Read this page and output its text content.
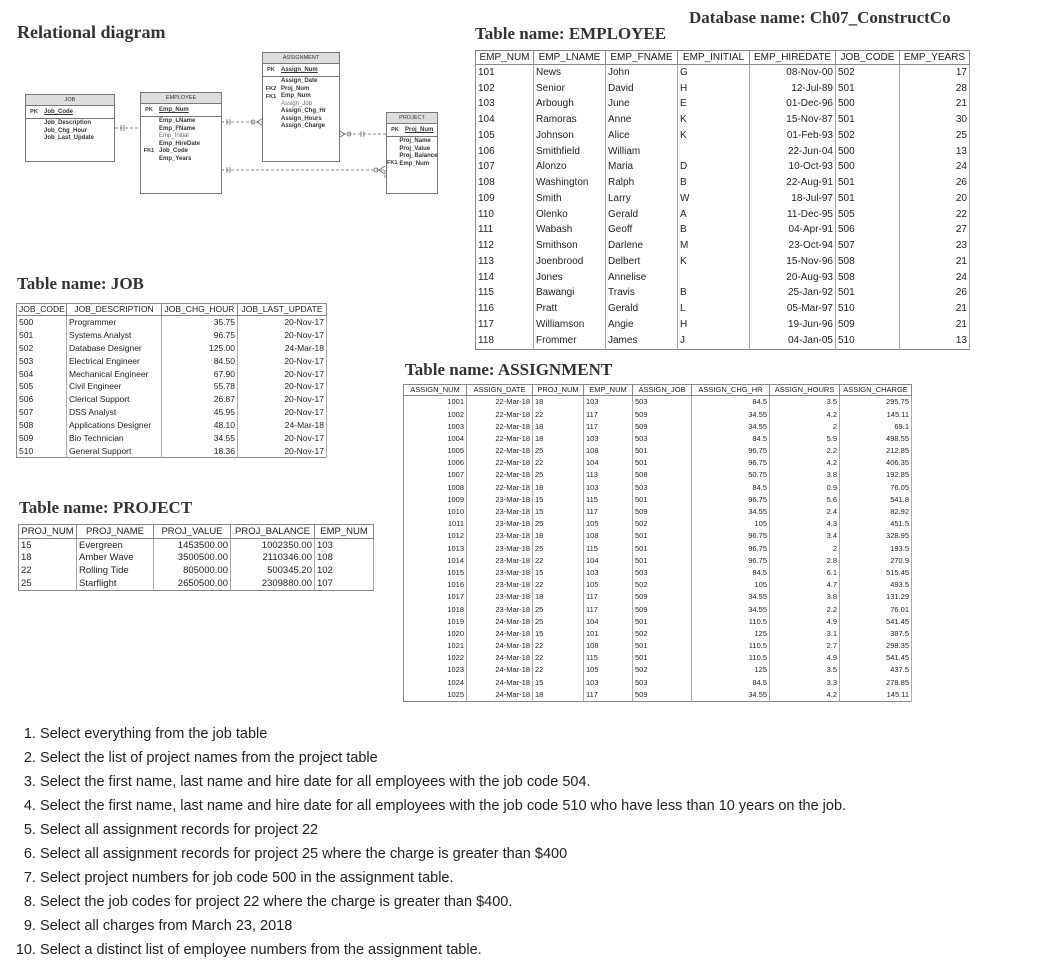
Relational diagram
Database name: Ch07_ConstructCo
Table name: EMPLOYEE
Table name: JOB
Table name: ASSIGNMENT
Table name: PROJECT
JOB
PK	Job_Code
Job_Description
Job_Chg_Hour
Job_Last_Update
EMPLOYEE
PK	Emp_Num
FK1
Emp_LName
Emp_FName
Emp_Initial
Emp_HireDate
Job_Code
Emp_Years
ASSIGNMENT
PK	Assign_Num
FK2
FK1
Assign_Date
Proj_Num
Emp_Num
Assign_Job
Assign_Chg_Hr
Assign_Hours
Assign_Charge
PROJECT
PK	Proj_Num
FK1
Proj_Name
Proj_Value
Proj_Balance
Emp_Num
EMP_NUM	EMP_LNAME	EMP_FNAME	EMP_INITIAL	EMP_HIREDATE	JOB_CODE	EMP_YEARS
101	News	John	G	08-Nov-00	502	17
102	Senior	David	H	12-Jul-89	501	28
103	Arbough	June	E	01-Dec-96	500	21
104	Ramoras	Anne	K	15-Nov-87	501	30
105	Johnson	Alice	K	01-Feb-93	502	25
106	Smithfield	William		22-Jun-04	500	13
107	Alonzo	Maria	D	10-Oct-93	500	24
108	Washington	Ralph	B	22-Aug-91	501	26
109	Smith	Larry	W	18-Jul-97	501	20
110	Olenko	Gerald	A	11-Dec-95	505	22
111	Wabash	Geoff	B	04-Apr-91	506	27
112	Smithson	Darlene	M	23-Oct-94	507	23
113	Joenbrood	Delbert	K	15-Nov-96	508	21
114	Jones	Annelise		20-Aug-93	508	24
115	Bawangi	Travis	B	25-Jan-92	501	26
116	Pratt	Gerald	L	05-Mar-97	510	21
117	Williamson	Angie	H	19-Jun-96	509	21
118	Frommer	James	J	04-Jan-05	510	13
JOB_CODE	JOB_DESCRIPTION	JOB_CHG_HOUR	JOB_LAST_UPDATE
500	Programmer	35.75	20-Nov-17
501	Systems Analyst	96.75	20-Nov-17
502	Database Designer	125.00	24-Mar-18
503	Electrical Engineer	84.50	20-Nov-17
504	Mechanical Engineer	67.90	20-Nov-17
505	Civil Engineer	55.78	20-Nov-17
506	Clerical Support	26.87	20-Nov-17
507	DSS Analyst	45.95	20-Nov-17
508	Applications Designer	48.10	24-Mar-18
509	Bio Technician	34.55	20-Nov-17
510	General Support	18.36	20-Nov-17
PROJ_NUM	PROJ_NAME	PROJ_VALUE	PROJ_BALANCE	EMP_NUM
15	Evergreen	1453500.00	1002350.00	103
18	Amber Wave	3500500.00	2110346.00	108
22	Rolling Tide	805000.00	500345.20	102
25	Starflight	2650500.00	2309880.00	107
ASSIGN_NUM	ASSIGN_DATE	PROJ_NUM	EMP_NUM	ASSIGN_JOB	ASSIGN_CHG_HR	ASSIGN_HOURS	ASSIGN_CHARGE
1001	22-Mar-18	18	103	503	84.5	3.5	295.75
1002	22-Mar-18	22	117	509	34.55	4.2	145.11
1003	22-Mar-18	18	117	509	34.55	2	69.1
1004	22-Mar-18	18	103	503	84.5	5.9	498.55
1005	22-Mar-18	25	108	501	96.75	2.2	212.85
1006	22-Mar-18	22	104	501	96.75	4.2	406.35
1007	22-Mar-18	25	113	508	50.75	3.8	192.85
1008	22-Mar-18	18	103	503	84.5	0.9	76.05
1009	23-Mar-18	15	115	501	96.75	5.6	541.8
1010	23-Mar-18	15	117	509	34.55	2.4	82.92
1011	23-Mar-18	25	105	502	105	4.3	451.5
1012	23-Mar-18	18	108	501	96.75	3.4	328.95
1013	23-Mar-18	25	115	501	96.75	2	193.5
1014	23-Mar-18	22	104	501	96.75	2.8	270.9
1015	23-Mar-18	15	103	503	84.5	6.1	515.45
1016	23-Mar-18	22	105	502	105	4.7	493.5
1017	23-Mar-18	18	117	509	34.55	3.8	131.29
1018	23-Mar-18	25	117	509	34.55	2.2	76.01
1019	24-Mar-18	25	104	501	110.5	4.9	541.45
1020	24-Mar-18	15	101	502	125	3.1	387.5
1021	24-Mar-18	22	108	501	110.5	2.7	298.35
1022	24-Mar-18	22	115	501	110.5	4.9	541.45
1023	24-Mar-18	22	105	502	125	3.5	437.5
1024	24-Mar-18	15	103	503	84.5	3.3	278.85
1025	24-Mar-18	18	117	509	34.55	4.2	145.11
1. Select everything from the job table
2. Select the list of project names from the project table
3. Select the first name, last name and hire date for all employees with the job code 504.
4. Select the first name, last name and hire date for all employees with the job code 510 who have less than 10 years on the job.
5. Select all assignment records for project 22
6. Select all assignment records for project 25 where the charge is greater than $400
7. Select project numbers for job code 500 in the assignment table.
8. Select the job codes for project 22 where the charge is greater than $400.
9. Select all charges from March 23, 2018
10. Select a distinct list of employee numbers from the assignment table.
